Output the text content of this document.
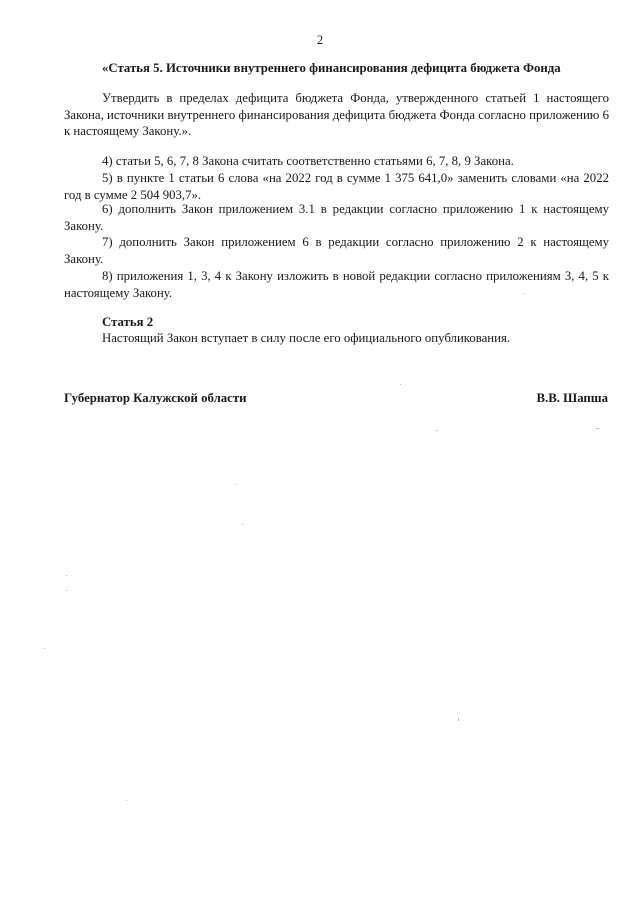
2

«Статья 5. Источники внутреннего финансирования дефицита бюджета Фонда

Утвердить в пределах дефицита бюджета Фонда, утвержденного статьей 1 настоящего Закона, источники внутреннего финансирования дефицита бюджета Фонда согласно приложению 6 к настоящему Закону.».

4) статьи 5, 6, 7, 8 Закона считать соответственно статьями 6, 7, 8, 9 Закона.

5) в пункте 1 статьи 6 слова «на 2022 год в сумме 1 375 641,0» заменить словами «на 2022 год в сумме 2 504 903,7».

6) дополнить Закон приложением 3.1 в редакции согласно приложению 1 к настоящему Закону.

7) дополнить Закон приложением 6 в редакции согласно приложению 2 к настоящему Закону.

8) приложения 1, 3, 4 к Закону изложить в новой редакции согласно приложениям 3, 4, 5 к настоящему Закону.

Статья 2

Настоящий Закон вступает в силу после его официального опубликования.

Губернатор Калужской области	В.В. Шапша
